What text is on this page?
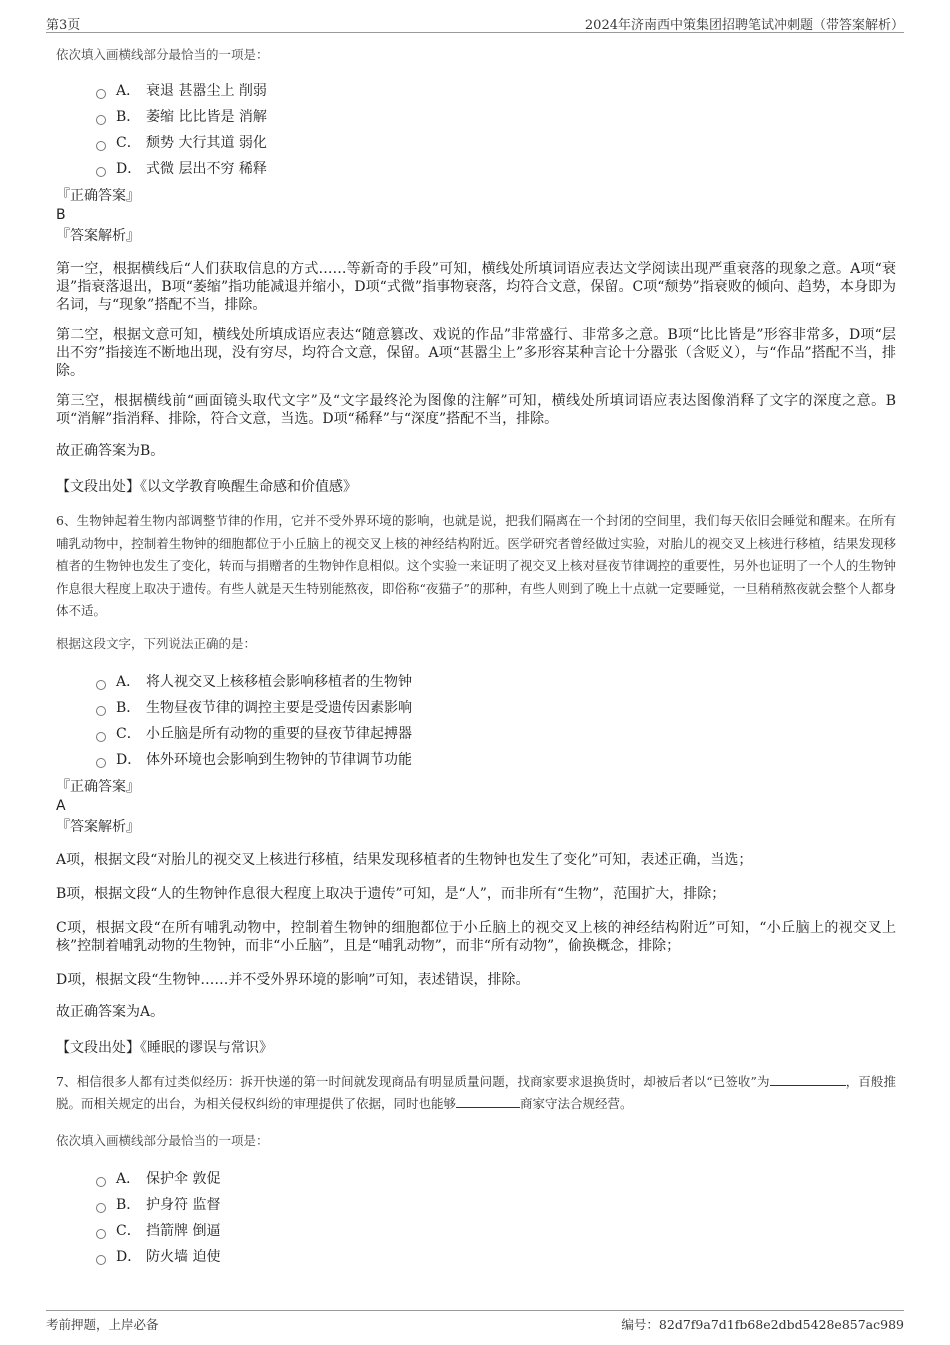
第3页	2024年济南西中策集团招聘笔试冲刺题（带答案解析）
依次填入画横线部分最恰当的一项是：
A． 衰退 甚嚣尘上 削弱
B． 萎缩 比比皆是 消解
C． 颓势 大行其道 弱化
D． 式微 层出不穷 稀释
『正确答案』
B
『答案解析』
第一空，根据横线后“人们获取信息的方式……等新奇的手段”可知，横线处所填词语应表达文学阅读出现严重衰落的现象之意。A项“衰退”指衰落退出，B项“萎缩”指功能减退并缩小，D项“式微”指事物衰落，均符合文意，保留。C项“颓势”指衰败的倾向、趋势，本身即为名词，与“现象”搭配不当，排除。
第二空，根据文意可知，横线处所填成语应表达“随意篡改、戏说的作品”非常盛行、非常多之意。B项“比比皆是”形容非常多，D项“层出不穷”指接连不断地出现，没有穷尽，均符合文意，保留。A项“甚嚣尘上”多形容某种言论十分嚣张（含贬义），与“作品”搭配不当，排除。
第三空，根据横线前“画面镜头取代文字”及“文字最终沦为图像的注解”可知，横线处所填词语应表达图像消释了文字的深度之意。B项“消解”指消释、排除，符合文意，当选。D项“稀释”与“深度”搭配不当，排除。
故正确答案为B。
【文段出处】《以文学教育唤醒生命感和价值感》
6、生物钟起着生物内部调整节律的作用，它并不受外界环境的影响，也就是说，把我们隔离在一个封闭的空间里，我们每天依旧会睡觉和醒来。在所有哺乳动物中，控制着生物钟的细胞都位于小丘脑上的视交叉上核的神经结构附近。医学研究者曾经做过实验，对胎儿的视交叉上核进行移植，结果发现移植者的生物钟也发生了变化，转而与捐赠者的生物钟作息相似。这个实验一来证明了视交叉上核对昼夜节律调控的重要性，另外也证明了一个人的生物钟作息很大程度上取决于遗传。有些人就是天生特别能熬夜，即俗称“夜猫子”的那种，有些人则到了晚上十点就一定要睡觉，一旦稍稍熬夜就会整个人都身体不适。
根据这段文字，下列说法正确的是：
A． 将人视交叉上核移植会影响移植者的生物钟
B． 生物昼夜节律的调控主要是受遗传因素影响
C． 小丘脑是所有动物的重要的昼夜节律起搏器
D． 体外环境也会影响到生物钟的节律调节功能
『正确答案』
A
『答案解析』
A项，根据文段“对胎儿的视交叉上核进行移植，结果发现移植者的生物钟也发生了变化”可知，表述正确，当选；
B项，根据文段“人的生物钟作息很大程度上取决于遗传”可知，是“人”，而非所有“生物”，范围扩大，排除；
C项，根据文段“在所有哺乳动物中，控制着生物钟的细胞都位于小丘脑上的视交叉上核的神经结构附近”可知，“小丘脑上的视交叉上核”控制着哺乳动物的生物钟，而非“小丘脑”，且是“哺乳动物”，而非“所有动物”，偷换概念，排除；
D项，根据文段“生物钟……并不受外界环境的影响”可知，表述错误，排除。
故正确答案为A。
【文段出处】《睡眠的谬误与常识》
7、相信很多人都有过类似经历：拆开快递的第一时间就发现商品有明显质量问题，找商家要求退换货时，却被后者以“已签收”为	，百般推脱。而相关规定的出台，为相关侵权纠纷的审理提供了依据，同时也能够	商家守法合规经营。
依次填入画横线部分最恰当的一项是：
A． 保护伞 敦促
B． 护身符 监督
C． 挡箭牌 倒逼
D． 防火墙 迫使
考前押题，上岸必备	编号：82d7f9a7d1fb68e2dbd5428e857ac989
